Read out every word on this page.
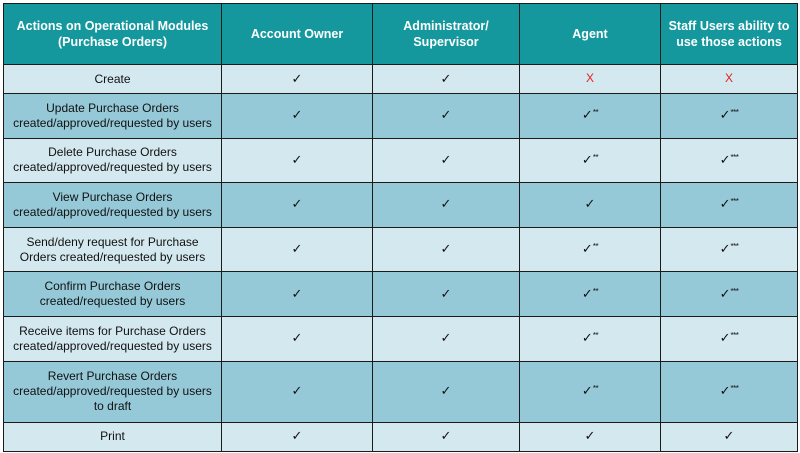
Actions on Operational Modules (Purchase Orders)	Account Owner	Administrator/ Supervisor	Agent	Staff Users ability to use those actions
Create	✓	✓	X	X
Update Purchase Orders created/approved/requested by users	✓	✓	✓**	✓***
Delete Purchase Orders created/approved/requested by users	✓	✓	✓**	✓***
View Purchase Orders created/approved/requested by users	✓	✓	✓	✓***
Send/deny request for Purchase Orders created/requested by users	✓	✓	✓**	✓***
Confirm Purchase Orders created/requested by users	✓	✓	✓**	✓***
Receive items for Purchase Orders created/approved/requested by users	✓	✓	✓**	✓***
Revert Purchase Orders created/approved/requested by users to draft	✓	✓	✓**	✓***
Print	✓	✓	✓	✓
